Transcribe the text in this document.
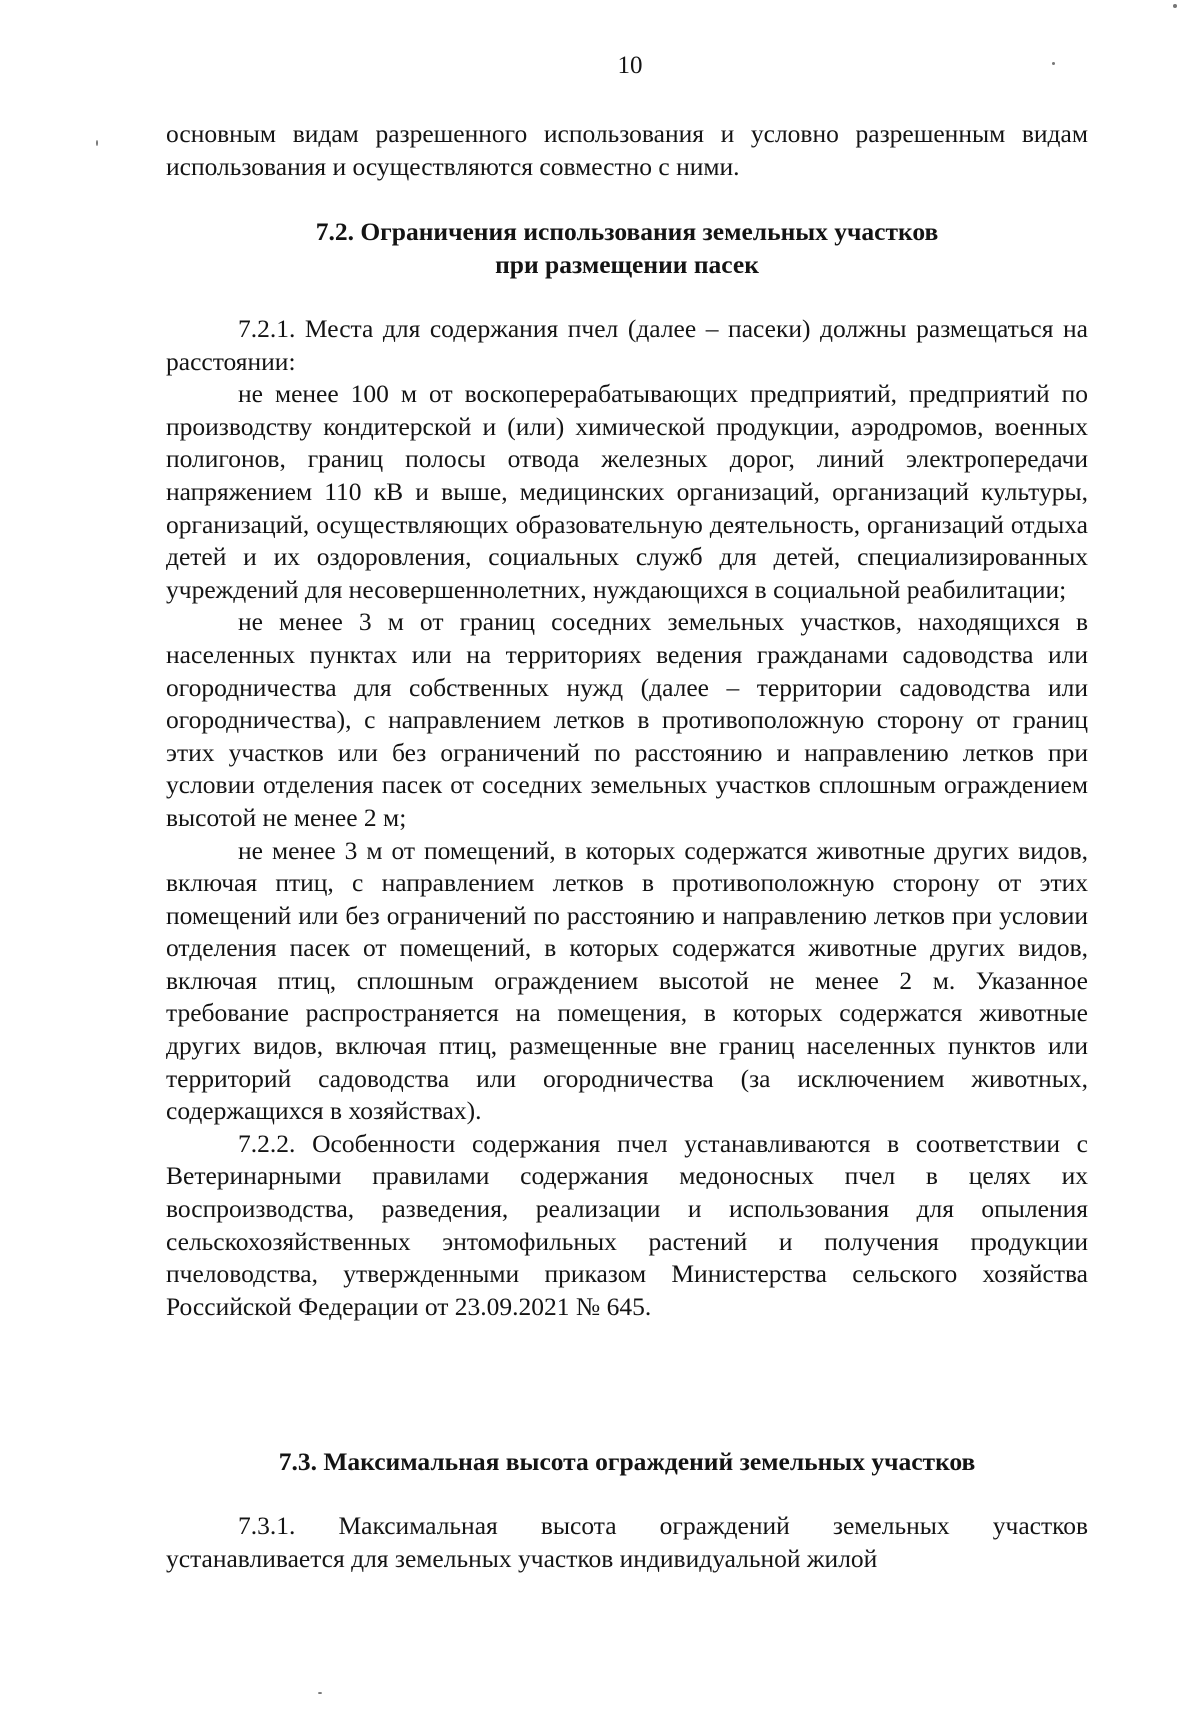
10

основным видам разрешенного использования и условно разрешенным видам использования и осуществляются совместно с ними.

7.2. Ограничения использования земельных участков
при размещении пасек

7.2.1. Места для содержания пчел (далее – пасеки) должны размещаться на расстоянии:

не менее 100 м от воскоперерабатывающих предприятий, предприятий по производству кондитерской и (или) химической продукции, аэродромов, военных полигонов, границ полосы отвода железных дорог, линий электропередачи напряжением 110 кВ и выше, медицинских организаций, организаций культуры, организаций, осуществляющих образовательную деятельность, организаций отдыха детей и их оздоровления, социальных служб для детей, специализированных учреждений для несовершеннолетних, нуждающихся в социальной реабилитации;

не менее 3 м от границ соседних земельных участков, находящихся в населенных пунктах или на территориях ведения гражданами садоводства или огородничества для собственных нужд (далее – территории садоводства или огородничества), с направлением летков в противоположную сторону от границ этих участков или без ограничений по расстоянию и направлению летков при условии отделения пасек от соседних земельных участков сплошным ограждением высотой не менее 2 м;

не менее 3 м от помещений, в которых содержатся животные других видов, включая птиц, с направлением летков в противоположную сторону от этих помещений или без ограничений по расстоянию и направлению летков при условии отделения пасек от помещений, в которых содержатся животные других видов, включая птиц, сплошным ограждением высотой не менее 2 м. Указанное требование распространяется на помещения, в которых содержатся животные других видов, включая птиц, размещенные вне границ населенных пунктов или территорий садоводства или огородничества (за исключением животных, содержащихся в хозяйствах).

7.2.2. Особенности содержания пчел устанавливаются в соответствии с Ветеринарными правилами содержания медоносных пчел в целях их воспроизводства, разведения, реализации и использования для опыления сельскохозяйственных энтомофильных растений и получения продукции пчеловодства, утвержденными приказом Министерства сельского хозяйства Российской Федерации от 23.09.2021 № 645.

7.3. Максимальная высота ограждений земельных участков

7.3.1. Максимальная высота ограждений земельных участков устанавливается для земельных участков индивидуальной жилой
